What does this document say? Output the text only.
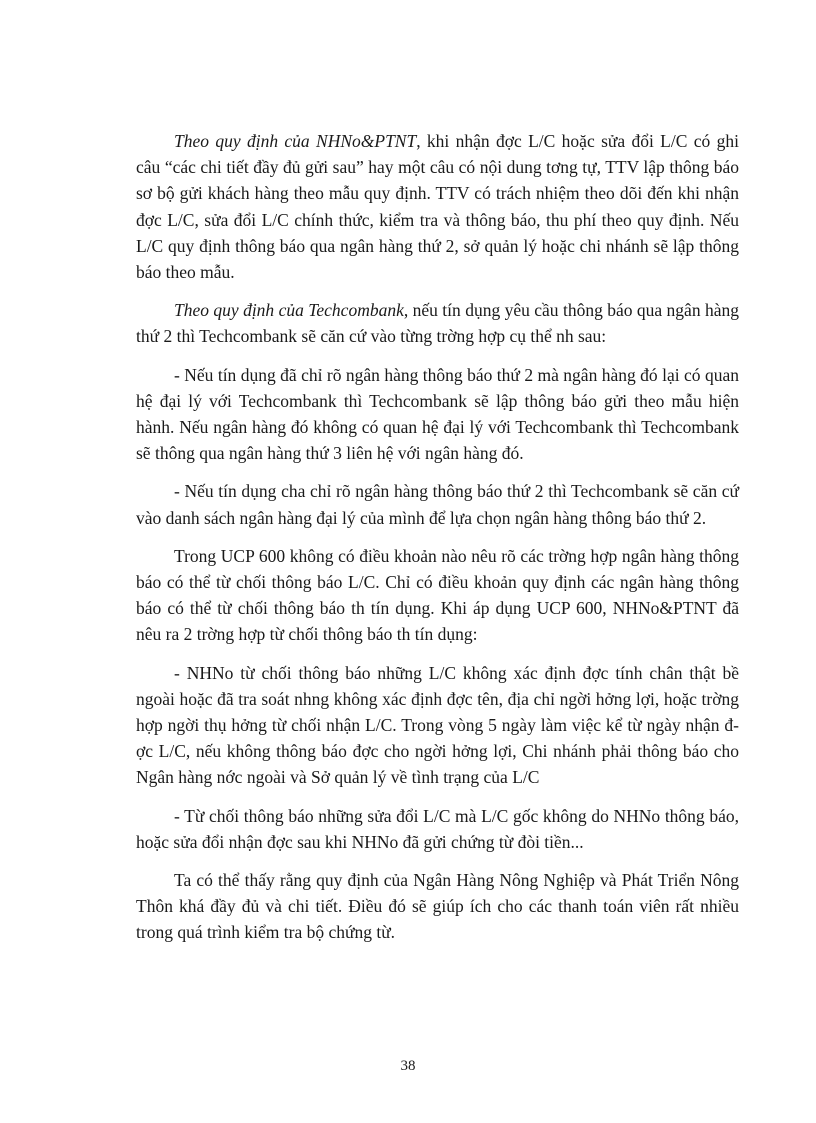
Theo quy định của NHNo&PTNT, khi nhận đợc L/C hoặc sửa đổi L/C có ghi câu “các chi tiết đầy đủ gửi sau” hay một câu có nội dung tơng tự, TTV lập thông báo sơ bộ gửi khách hàng theo mẫu quy định. TTV có trách nhiệm theo dõi đến khi nhận đợc L/C, sửa đổi L/C chính thức, kiểm tra và thông báo, thu phí theo quy định. Nếu L/C quy định thông báo qua ngân hàng thứ 2, sở quản lý hoặc chi nhánh sẽ lập thông báo theo mẫu.

Theo quy định của Techcombank, nếu tín dụng yêu cầu thông báo qua ngân hàng thứ 2 thì Techcombank sẽ căn cứ vào từng trờng hợp cụ thể nh sau:

- Nếu tín dụng đã chỉ rõ ngân hàng thông báo thứ 2 mà ngân hàng đó lại có quan hệ đại lý với Techcombank thì Techcombank sẽ lập thông báo gửi theo mẫu hiện hành. Nếu ngân hàng đó không có quan hệ đại lý với Techcombank thì Techcombank sẽ thông qua ngân hàng thứ 3 liên hệ với ngân hàng đó.

- Nếu tín dụng cha chỉ rõ ngân hàng thông báo thứ 2 thì Techcombank sẽ căn cứ vào danh sách ngân hàng đại lý của mình để lựa chọn ngân hàng thông báo thứ 2.

Trong UCP 600 không có điều khoản nào nêu rõ các trờng hợp ngân hàng thông báo có thể từ chối thông báo L/C. Chỉ có điều khoản quy định các ngân hàng thông báo có thể từ chối thông báo th tín dụng. Khi áp dụng UCP 600, NHNo&PTNT đã nêu ra 2 trờng hợp từ chối thông báo th tín dụng:

- NHNo từ chối thông báo những L/C không xác định đợc tính chân thật bề ngoài hoặc đã tra soát nhng không xác định đợc tên, địa chỉ ngời hởng lợi, hoặc trờng hợp ngời thụ hởng từ chối nhận L/C. Trong vòng 5 ngày làm việc kể từ ngày nhận đợc L/C, nếu không thông báo đợc cho ngời hởng lợi, Chi nhánh phải thông báo cho Ngân hàng nớc ngoài và Sở quản lý về tình trạng của L/C

- Từ chối thông báo những sửa đổi L/C mà L/C gốc không do NHNo thông báo, hoặc sửa đổi nhận đợc sau khi NHNo đã gửi chứng từ đòi tiền...

Ta có thể thấy rằng quy định của Ngân Hàng Nông Nghiệp và Phát Triển Nông Thôn khá đầy đủ và chi tiết. Điều đó sẽ giúp ích cho các thanh toán viên rất nhiều trong quá trình kiểm tra bộ chứng từ.

38
